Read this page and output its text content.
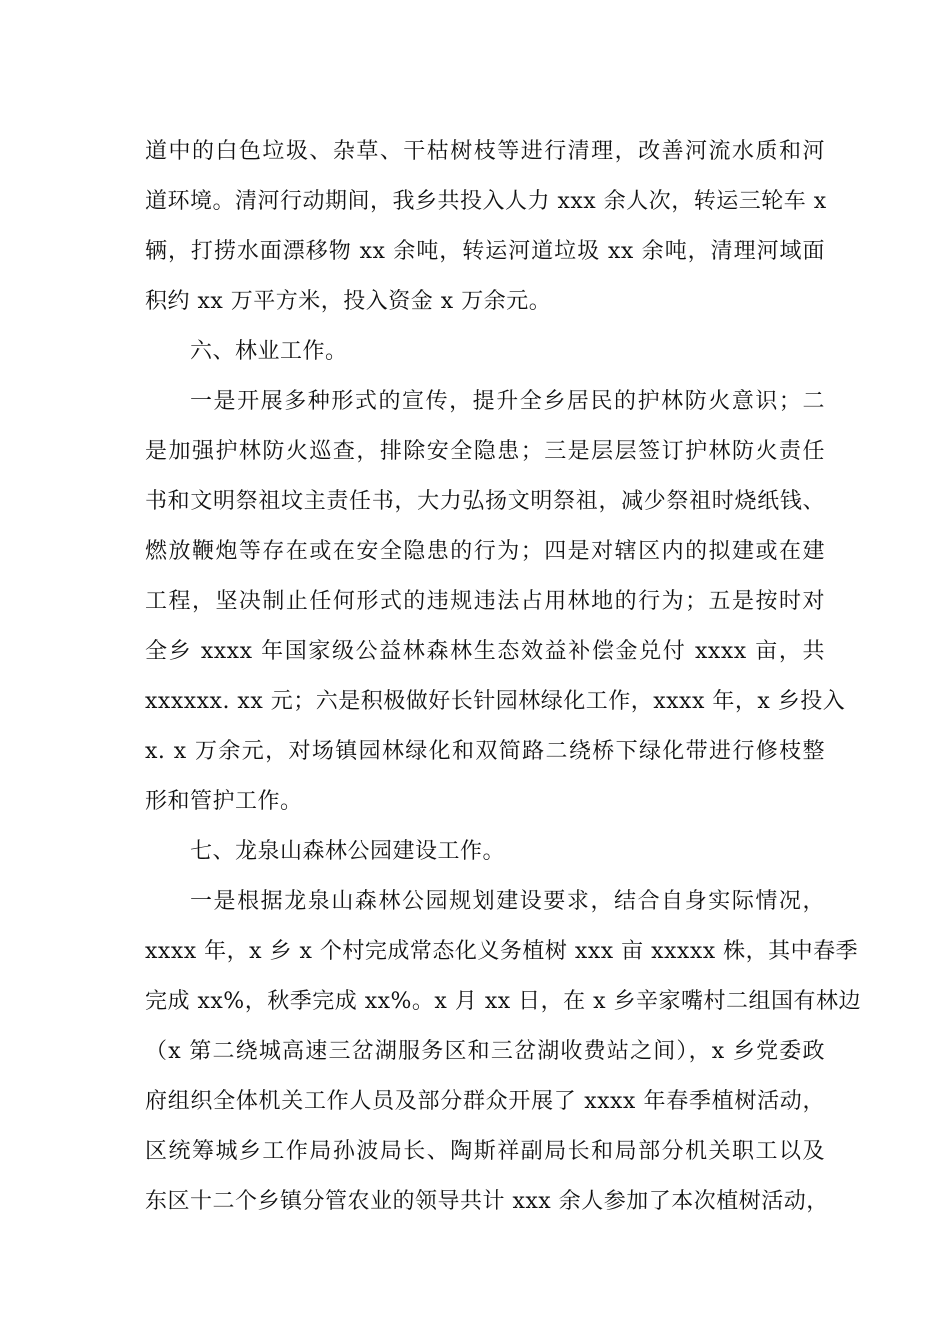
道中的白色垃圾、杂草、干枯树枝等进行清理，改善河流水质和河
道环境。清河行动期间，我乡共投入人力 xxx 余人次，转运三轮车 x
辆，打捞水面漂移物 xx 余吨，转运河道垃圾 xx 余吨，清理河域面
积约 xx 万平方米，投入资金 x 万余元。
六、林业工作。
一是开展多种形式的宣传，提升全乡居民的护林防火意识；二
是加强护林防火巡查，排除安全隐患；三是层层签订护林防火责任
书和文明祭祖坟主责任书，大力弘扬文明祭祖，减少祭祖时烧纸钱、
燃放鞭炮等存在或在安全隐患的行为；四是对辖区内的拟建或在建
工程，坚决制止任何形式的违规违法占用林地的行为；五是按时对
全乡 xxxx 年国家级公益林森林生态效益补偿金兑付 xxxx 亩，共
xxxxxx. xx 元；六是积极做好长针园林绿化工作，xxxx 年，x 乡投入
x. x 万余元，对场镇园林绿化和双简路二绕桥下绿化带进行修枝整
形和管护工作。
七、龙泉山森林公园建设工作。
一是根据龙泉山森林公园规划建设要求，结合自身实际情况，
xxxx 年，x 乡 x 个村完成常态化义务植树 xxx 亩 xxxxx 株，其中春季
完成 xx%，秋季完成 xx%。x 月 xx 日，在 x 乡辛家嘴村二组国有林边
（x 第二绕城高速三岔湖服务区和三岔湖收费站之间），x 乡党委政
府组织全体机关工作人员及部分群众开展了 xxxx 年春季植树活动，
区统筹城乡工作局孙波局长、陶斯祥副局长和局部分机关职工以及
东区十二个乡镇分管农业的领导共计 xxx 余人参加了本次植树活动，
